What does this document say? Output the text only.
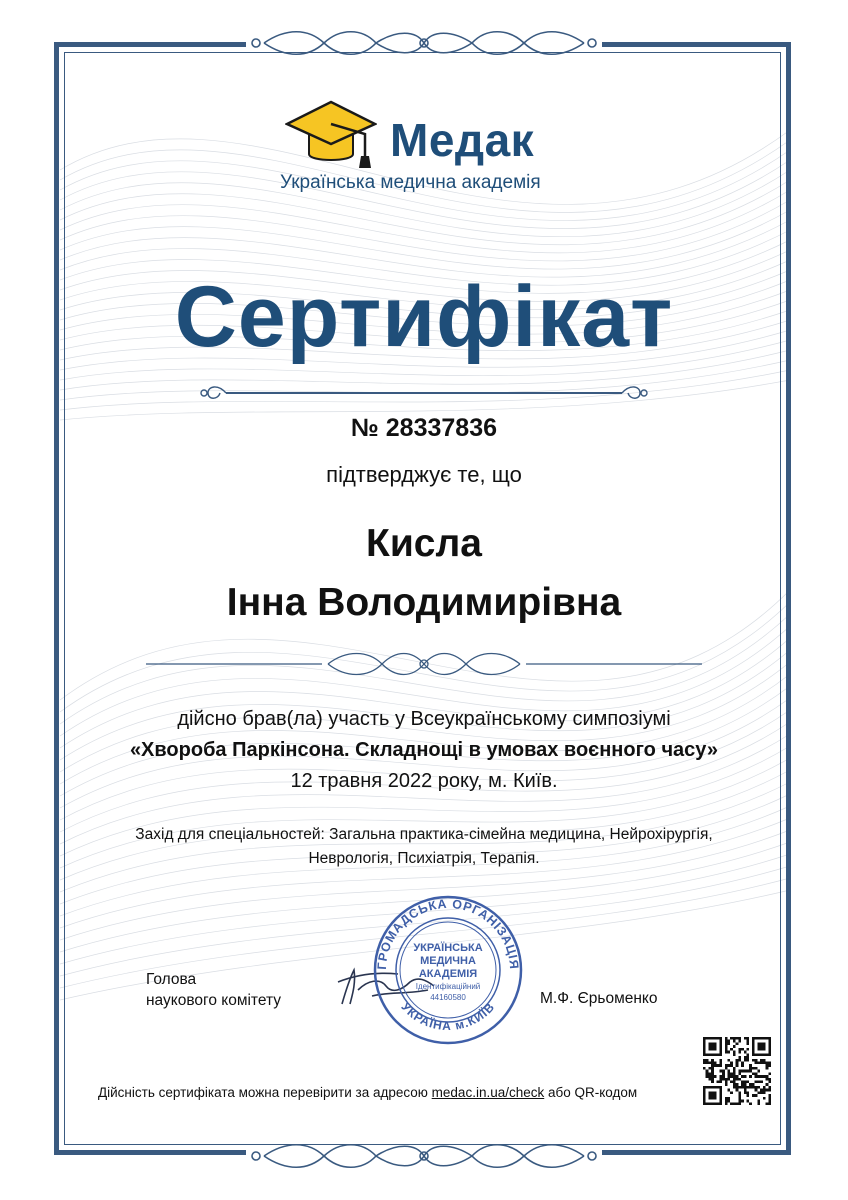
Медак
Українська медична академія
Сертифікат
№ 28337836
підтверджує те, що
Кисла
Інна Володимирівна
дійсно брав(ла) участь у Всеукраїнському симпозіумі
«Хвороба Паркінсона. Складнощі в умовах воєнного часу»
12 травня 2022 року, м. Київ.
Захід для спеціальностей: Загальна практика-сімейна медицина, Нейрохірургія,
Неврологія, Психіатрія, Терапія.
Голова
наукового комітету
ГРОМАДСЬКА ОРГАНІЗАЦІЯ
УКРАЇНА м.КИЇВ
УКРАЇНСЬКА
МЕДИЧНА
АКАДЕМІЯ
Ідентифікаційний
44160580	М.Ф. Єрьоменко
Дійсність сертифіката можна перевірити за адресою medac.in.ua/check або QR-кодом
